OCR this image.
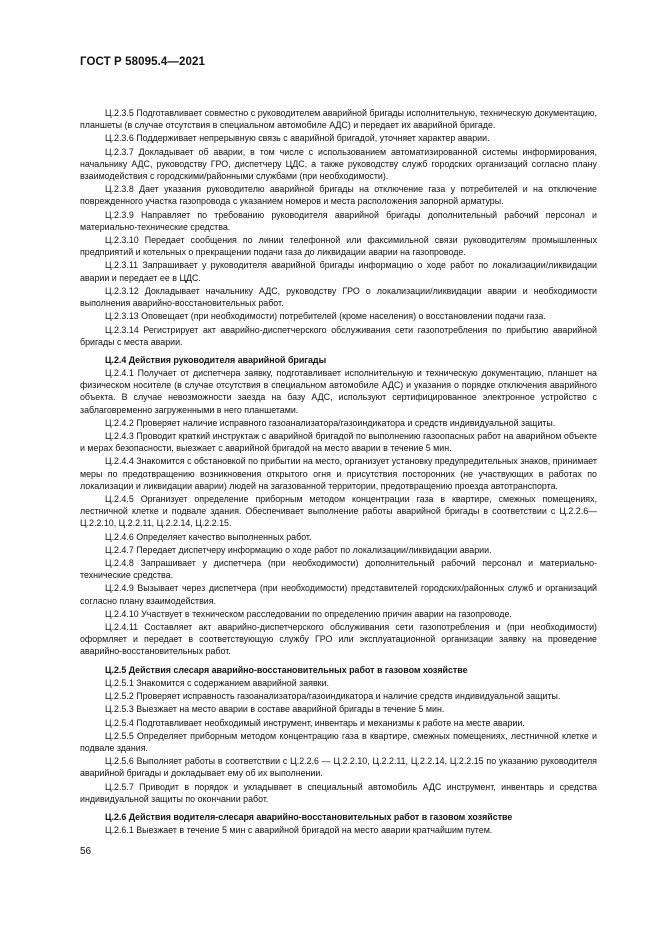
ГОСТ Р 58095.4—2021

Ц.2.3.5 Подготавливает совместно с руководителем аварийной бригады исполнительную, техническую документацию, планшеты (в случае отсутствия в специальном автомобиле АДС) и передает их аварийной бригаде.

Ц.2.3.6 Поддерживает непрерывную связь с аварийной бригадой, уточняет характер аварии.

Ц.2.3.7 Докладывает об аварии, в том числе с использованием автоматизированной системы информирования, начальнику АДС, руководству ГРО, диспетчеру ЦДС, а также руководству служб городских организаций согласно плану взаимодействия с городскими/районными службами (при необходимости).

Ц.2.3.8 Дает указания руководителю аварийной бригады на отключение газа у потребителей и на отключение поврежденного участка газопровода с указанием номеров и места расположения запорной арматуры.

Ц.2.3.9 Направляет по требованию руководителя аварийной бригады дополнительный рабочий персонал и материально-технические средства.

Ц.2.3.10 Передает сообщения по линии телефонной или факсимильной связи руководителям промышленных предприятий и котельных о прекращении подачи газа до ликвидации аварии на газопроводе.

Ц.2.3.11 Запрашивает у руководителя аварийной бригады информацию о ходе работ по локализации/ликвидации аварии и передает ее в ЦДС.

Ц.2.3.12 Докладывает начальнику АДС, руководству ГРО о локализации/ликвидации аварии и необходимости выполнения аварийно-восстановительных работ.

Ц.2.3.13 Оповещает (при необходимости) потребителей (кроме населения) о восстановлении подачи газа.

Ц.2.3.14 Регистрирует акт аварийно-диспетчерского обслуживания сети газопотребления по прибытию аварийной бригады с места аварии.

Ц.2.4 Действия руководителя аварийной бригады

Ц.2.4.1 Получает от диспетчера заявку, подготавливает исполнительную и техническую документацию, планшет на физическом носителе (в случае отсутствия в специальном автомобиле АДС) и указания о порядке отключения аварийного объекта. В случае невозможности заезда на базу АДС, используют сертифицированное электронное устройство с заблаговременно загруженными в него планшетами.

Ц.2.4.2 Проверяет наличие исправного газоанализатора/газоиндикатора и средств индивидуальной защиты.

Ц.2.4.3 Проводит краткий инструктаж с аварийной бригадой по выполнению газоопасных работ на аварийном объекте и мерах безопасности, выезжает с аварийной бригадой на место аварии в течение 5 мин.

Ц.2.4.4 Знакомится с обстановкой по прибытии на место, организует установку предупредительных знаков, принимает меры по предотвращению возникновения открытого огня и присутствия посторонних (не участвующих в работах по локализации и ликвидации аварии) людей на загазованной территории, предотвращению проезда автотранспорта.

Ц.2.4.5 Организует определение приборным методом концентрации газа в квартире, смежных помещениях, лестничной клетке и подвале здания. Обеспечивает выполнение работы аварийной бригады в соответствии с Ц.2.2.6—Ц.2.2.10, Ц.2.2.11, Ц.2.2.14, Ц.2.2.15.

Ц.2.4.6 Определяет качество выполненных работ.

Ц.2.4.7 Передает диспетчеру информацию о ходе работ по локализации/ликвидации аварии.

Ц.2.4.8 Запрашивает у диспетчера (при необходимости) дополнительный рабочий персонал и материально-технические средства.

Ц.2.4.9 Вызывает через диспетчера (при необходимости) представителей городских/районных служб и организаций согласно плану взаимодействия.

Ц.2.4.10 Участвует в техническом расследовании по определению причин аварии на газопроводе.

Ц.2.4.11 Составляет акт аварийно-диспетчерского обслуживания сети газопотребления и (при необходимости) оформляет и передает в соответствующую службу ГРО или эксплуатационной организации заявку на проведение аварийно-восстановительных работ.

Ц.2.5 Действия слесаря аварийно-восстановительных работ в газовом хозяйстве

Ц.2.5.1 Знакомится с содержанием аварийной заявки.

Ц.2.5.2 Проверяет исправность газоанализатора/газоиндикатора и наличие средств индивидуальной защиты.

Ц.2.5.3 Выезжает на место аварии в составе аварийной бригады в течение 5 мин.

Ц.2.5.4 Подготавливает необходимый инструмент, инвентарь и механизмы к работе на месте аварии.

Ц.2.5.5 Определяет приборным методом концентрацию газа в квартире, смежных помещениях, лестничной клетке и подвале здания.

Ц.2.5.6 Выполняет работы в соответствии с Ц.2.2.6 — Ц.2.2.10, Ц.2.2.11, Ц.2.2.14, Ц.2.2.15 по указанию руководителя аварийной бригады и докладывает ему об их выполнении.

Ц.2.5.7 Приводит в порядок и укладывает в специальный автомобиль АДС инструмент, инвентарь и средства индивидуальной защиты по окончании работ.

Ц.2.6 Действия водителя-слесаря аварийно-восстановительных работ в газовом хозяйстве

Ц.2.6.1 Выезжает в течение 5 мин с аварийной бригадой на место аварии кратчайшим путем.

56
